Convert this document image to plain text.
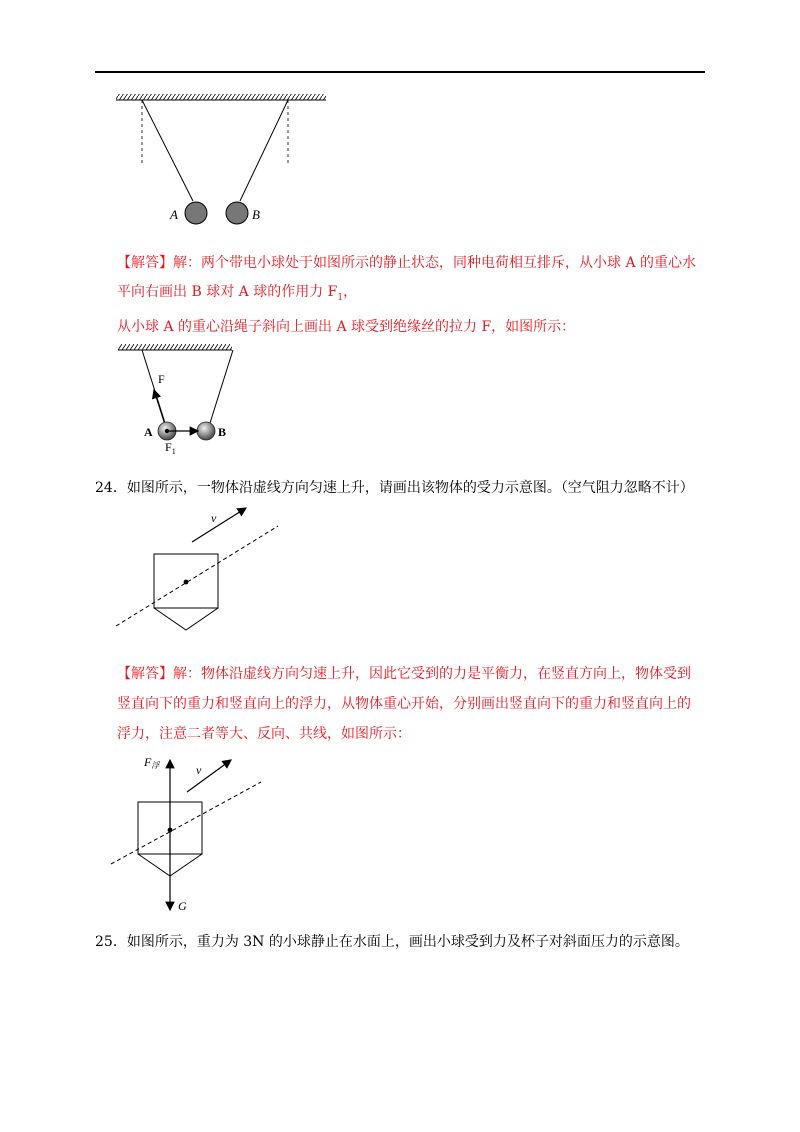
A	B
【解答】解：两个带电小球处于如图所示的静止状态，同种电荷相互排斥，从小球 A 的重心水
平向右画出 B 球对 A 球的作用力 $F_1$，
从小球 A 的重心沿绳子斜向上画出 A 球受到绝缘丝的拉力 F，如图所示：
F
A	B
$F_1$
24．如图所示，一物体沿虚线方向匀速上升，请画出该物体的受力示意图。（空气阻力忽略不计）
v
【解答】解：物体沿虚线方向匀速上升，因此它受到的力是平衡力，在竖直方向上，物体受到
竖直向下的重力和竖直向上的浮力，从物体重心开始，分别画出竖直向下的重力和竖直向上的
浮力，注意二者等大、反向、共线，如图所示：
F浮	v
G
25．如图所示，重力为 3N 的小球静止在水面上，画出小球受到力及杯子对斜面压力的示意图。
